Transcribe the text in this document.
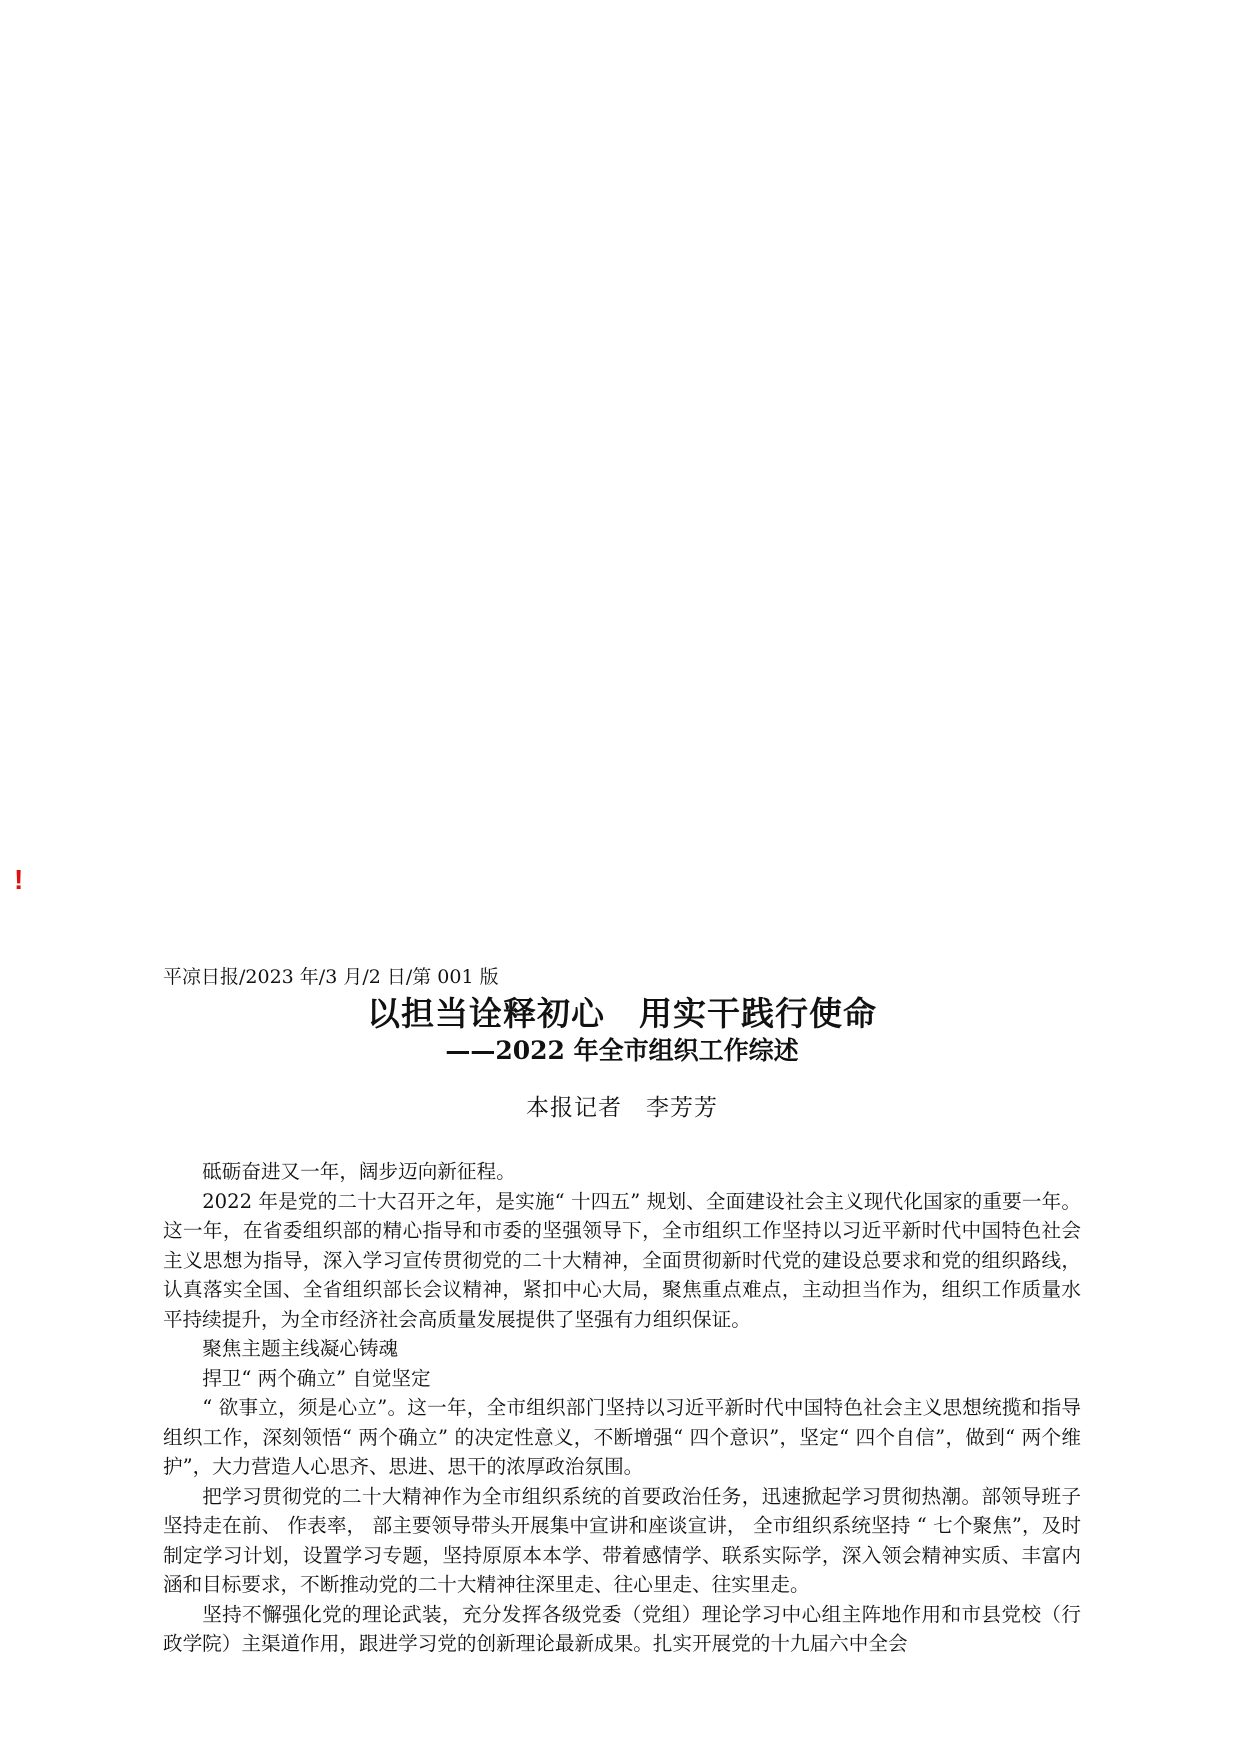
!

平凉日报/2023 年/3 月/2 日/第 001 版

以担当诠释初心　用实干践行使命
——2022 年全市组织工作综述
本报记者　李芳芳

砥砺奋进又一年，阔步迈向新征程。

2022 年是党的二十大召开之年，是实施“ 十四五” 规划、全面建设社会主义现代化国家的重要一年。这一年，在省委组织部的精心指导和市委的坚强领导下，全市组织工作坚持以习近平新时代中国特色社会主义思想为指导，深入学习宣传贯彻党的二十大精神，全面贯彻新时代党的建设总要求和党的组织路线，认真落实全国、全省组织部长会议精神，紧扣中心大局，聚焦重点难点，主动担当作为，组织工作质量水平持续提升，为全市经济社会高质量发展提供了坚强有力组织保证。

聚焦主题主线凝心铸魂

捍卫“ 两个确立” 自觉坚定

“ 欲事立，须是心立”。这一年，全市组织部门坚持以习近平新时代中国特色社会主义思想统揽和指导组织工作，深刻领悟“ 两个确立” 的决定性意义，不断增强“ 四个意识”，坚定“ 四个自信”，做到“ 两个维护”，大力营造人心思齐、思进、思干的浓厚政治氛围。

把学习贯彻党的二十大精神作为全市组织系统的首要政治任务，迅速掀起学习贯彻热潮。部领导班子坚持走在前、 作表率， 部主要领导带头开展集中宣讲和座谈宣讲， 全市组织系统坚持 “ 七个聚焦”，及时制定学习计划，设置学习专题，坚持原原本本学、带着感情学、联系实际学，深入领会精神实质、丰富内涵和目标要求，不断推动党的二十大精神往深里走、往心里走、往实里走。

坚持不懈强化党的理论武装，充分发挥各级党委（党组）理论学习中心组主阵地作用和市县党校（行政学院）主渠道作用，跟进学习党的创新理论最新成果。扎实开展党的十九届六中全会
